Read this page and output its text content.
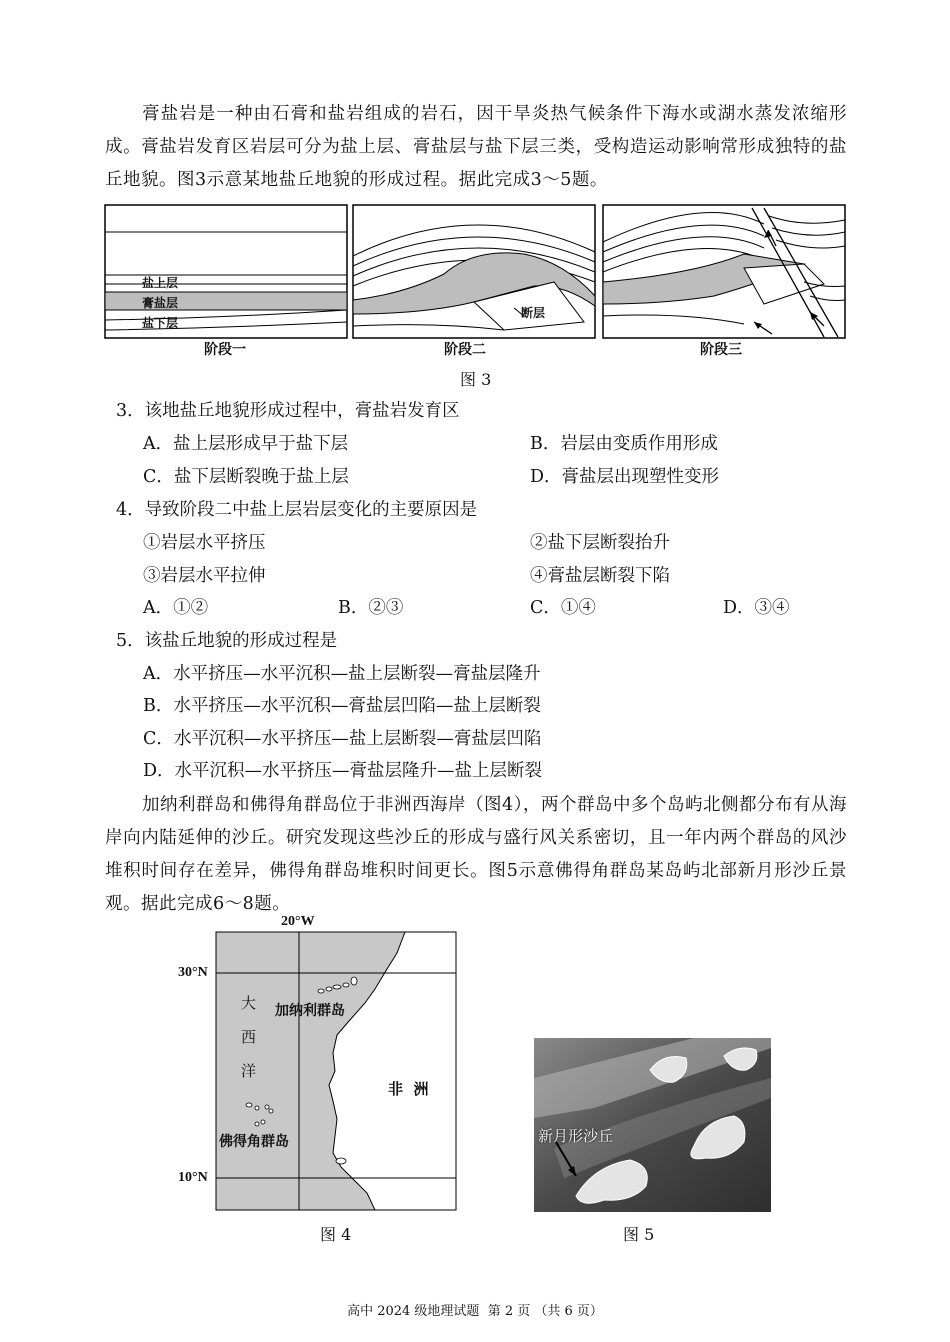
膏盐岩是一种由石膏和盐岩组成的岩石，因干旱炎热气候条件下海水或湖水蒸发浓缩形成。膏盐岩发育区岩层可分为盐上层、膏盐层与盐下层三类，受构造运动影响常形成独特的盐丘地貌。图3示意某地盐丘地貌的形成过程。据此完成3～5题。

盐上层
膏盐层
盐下层
断层
阶段一	阶段二	阶段三
图 3
3．该地盐丘地貌形成过程中，膏盐岩发育区
A．盐上层形成早于盐下层	B．岩层由变质作用形成
C．盐下层断裂晚于盐上层	D．膏盐层出现塑性变形
4．导致阶段二中盐上层岩层变化的主要原因是
①岩层水平挤压	②盐下层断裂抬升
③岩层水平拉伸	④膏盐层断裂下陷
A．①②	B．②③	C．①④	D．③④
5．该盐丘地貌的形成过程是
A．水平挤压—水平沉积—盐上层断裂—膏盐层隆升
B．水平挤压—水平沉积—膏盐层凹陷—盐上层断裂
C．水平沉积—水平挤压—盐上层断裂—膏盐层凹陷
D．水平沉积—水平挤压—膏盐层隆升—盐上层断裂

加纳利群岛和佛得角群岛位于非洲西海岸（图4），两个群岛中多个岛屿北侧都分布有从海岸向内陆延伸的沙丘。研究发现这些沙丘的形成与盛行风关系密切，且一年内两个群岛的风沙堆积时间存在差异，佛得角群岛堆积时间更长。图5示意佛得角群岛某岛屿北部新月形沙丘景观。据此完成6～8题。

20°W
30°N
10°N
大
西
洋
加纳利群岛
非  洲
佛得角群岛
图 4
新月形沙丘
图 5
高中 2024 级地理试题  第 2 页 （共 6 页）
